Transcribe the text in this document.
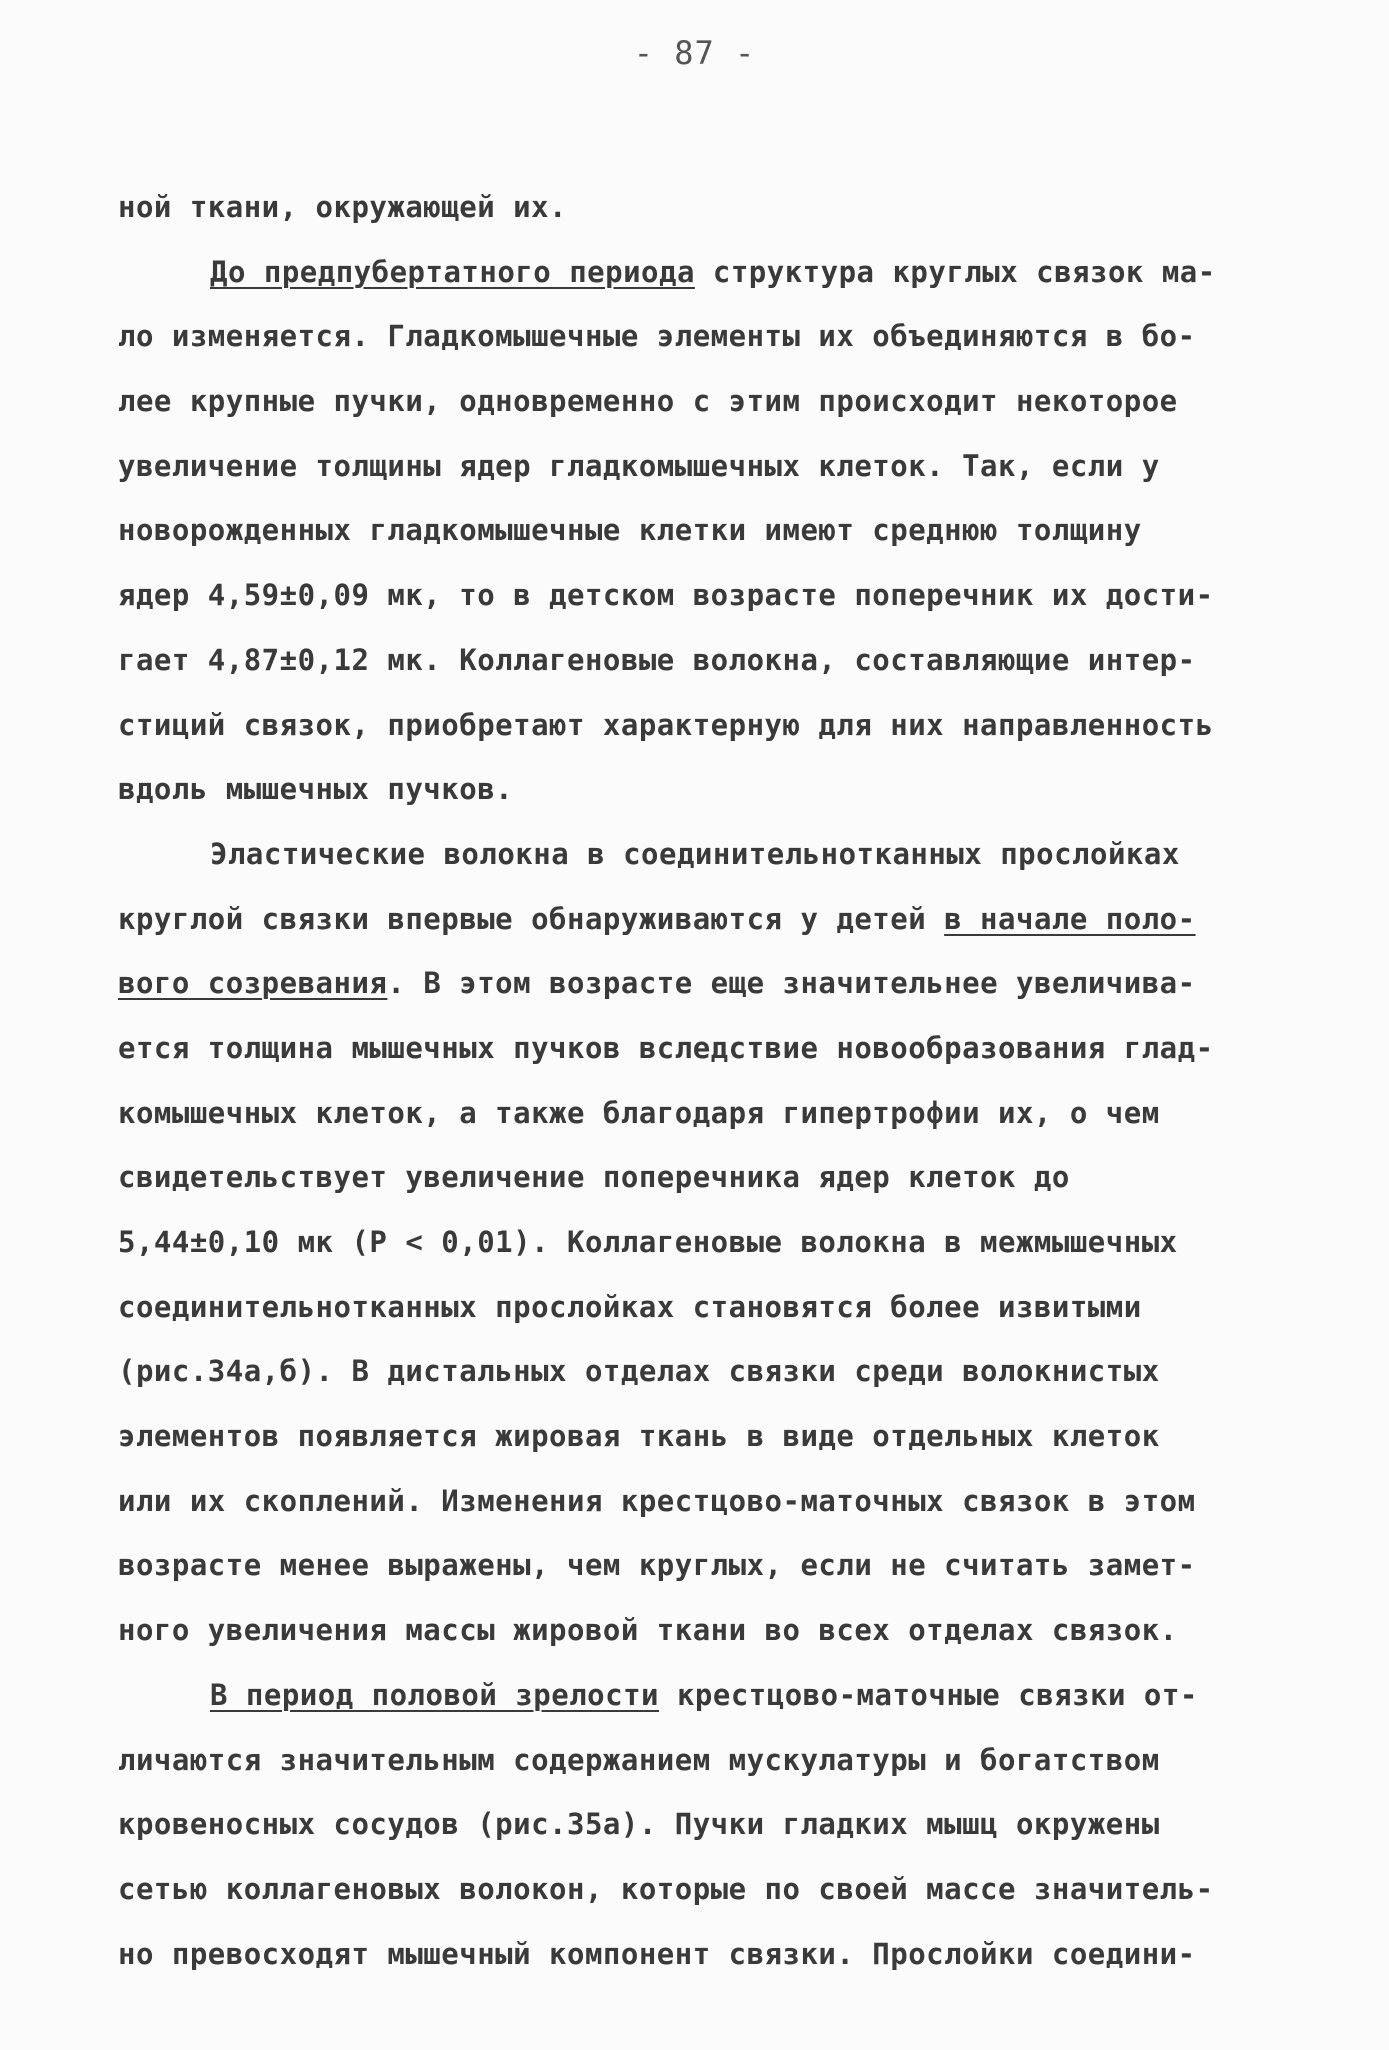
- 87 -
ной ткани, окружающей их.
До предпубертатного периода структура круглых связок ма-
ло изменяется. Гладкомышечные элементы их объединяются в бо-
лее крупные пучки, одновременно с этим происходит некоторое
увеличение толщины ядер гладкомышечных клеток. Так, если у
новорожденных гладкомышечные клетки имеют среднюю толщину
ядер 4,59±0,09 мк, то в детском возрасте поперечник их дости-
гает 4,87±0,12 мк. Коллагеновые волокна, составляющие интер-
стиций связок, приобретают характерную для них направленность
вдоль мышечных пучков.
Эластические волокна в соединительнотканных прослойках
круглой связки впервые обнаруживаются у детей в начале поло-
вого созревания. В этом возрасте еще значительнее увеличива-
ется толщина мышечных пучков вследствие новообразования глад-
комышечных клеток, а также благодаря гипертрофии их, о чем
свидетельствует увеличение поперечника ядер клеток до
5,44±0,10 мк (Р < 0,01). Коллагеновые волокна в межмышечных
соединительнотканных прослойках становятся более извитыми
(рис.34а,б). В дистальных отделах связки среди волокнистых
элементов появляется жировая ткань в виде отдельных клеток
или их скоплений. Изменения крестцово-маточных связок в этом
возрасте менее выражены, чем круглых, если не считать замет-
ного увеличения массы жировой ткани во всех отделах связок.
В период половой зрелости крестцово-маточные связки от-
личаются значительным содержанием мускулатуры и богатством
кровеносных сосудов (рис.35а). Пучки гладких мышц окружены
сетью коллагеновых волокон, которые по своей массе значитель-
но превосходят мышечный компонент связки. Прослойки соедини-
